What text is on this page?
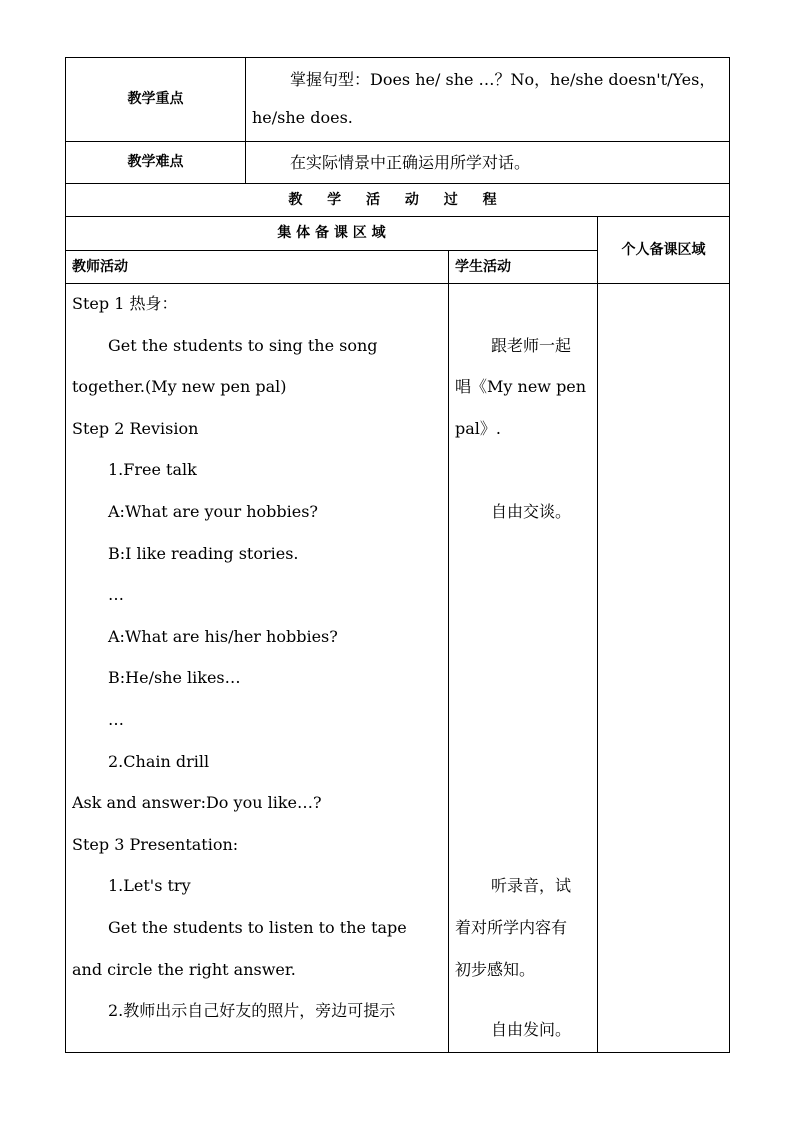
教学重点
掌握句型：Does he/ she …？No，he/she doesn't/Yes，
he/she does.
教学难点	在实际情景中正确运用所学对话。
教 学 活 动 过 程
集 体 备 课 区 域
个人备课区域
教师活动	学生活动
Step 1 热身：
Get the students to sing the song
together.(My new pen pal)
Step 2 Revision
1.Free talk
A:What are your hobbies?
B:I like reading stories.
…
A:What are his/her hobbies?
B:He/she likes…
…
2.Chain drill
Ask and answer:Do you like…?
Step 3 Presentation:
1.Let's try
Get the students to listen to the tape
and circle the right answer.
2.教师出示自己好友的照片，旁边可提示
跟老师一起
唱《My new pen
pal》.
自由交谈。
听录音，试
着对所学内容有
初步感知。
自由发问。
